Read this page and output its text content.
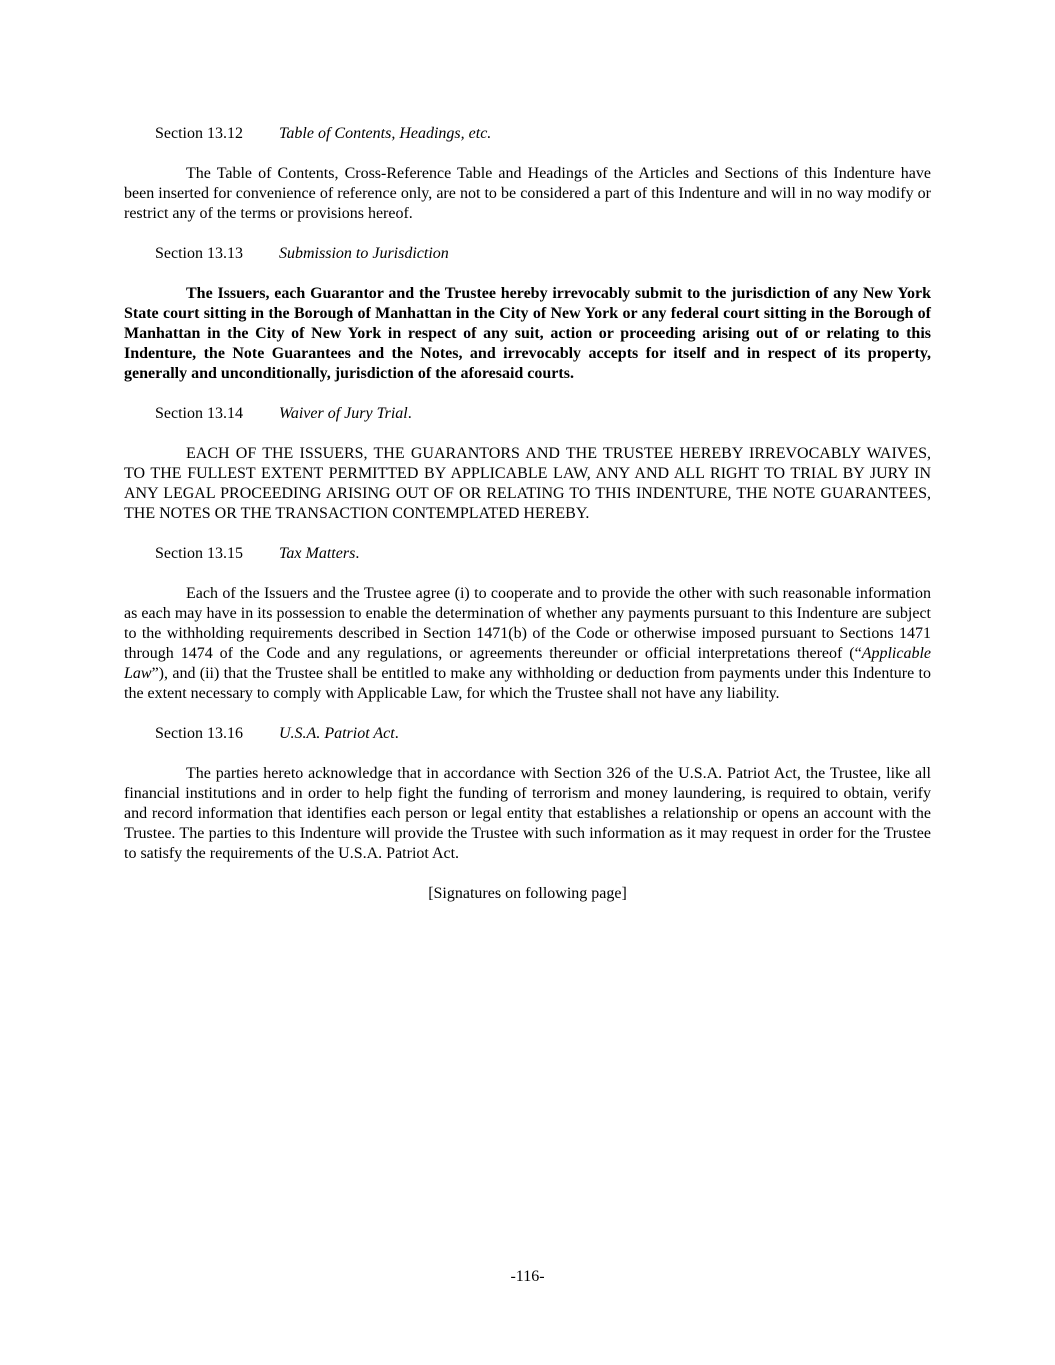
Section 13.12 Table of Contents, Headings, etc.

The Table of Contents, Cross-Reference Table and Headings of the Articles and Sections of this Indenture have been inserted for convenience of reference only, are not to be considered a part of this Indenture and will in no way modify or restrict any of the terms or provisions hereof.

Section 13.13 Submission to Jurisdiction

The Issuers, each Guarantor and the Trustee hereby irrevocably submit to the jurisdiction of any New York State court sitting in the Borough of Manhattan in the City of New York or any federal court sitting in the Borough of Manhattan in the City of New York in respect of any suit, action or proceeding arising out of or relating to this Indenture, the Note Guarantees and the Notes, and irrevocably accepts for itself and in respect of its property, generally and unconditionally, jurisdiction of the aforesaid courts.

Section 13.14 Waiver of Jury Trial.

EACH OF THE ISSUERS, THE GUARANTORS AND THE TRUSTEE HEREBY IRREVOCABLY WAIVES, TO THE FULLEST EXTENT PERMITTED BY APPLICABLE LAW, ANY AND ALL RIGHT TO TRIAL BY JURY IN ANY LEGAL PROCEEDING ARISING OUT OF OR RELATING TO THIS INDENTURE, THE NOTE GUARANTEES, THE NOTES OR THE TRANSACTION CONTEMPLATED HEREBY.

Section 13.15 Tax Matters.

Each of the Issuers and the Trustee agree (i) to cooperate and to provide the other with such reasonable information as each may have in its possession to enable the determination of whether any payments pursuant to this Indenture are subject to the withholding requirements described in Section 1471(b) of the Code or otherwise imposed pursuant to Sections 1471 through 1474 of the Code and any regulations, or agreements thereunder or official interpretations thereof (“Applicable Law”), and (ii) that the Trustee shall be entitled to make any withholding or deduction from payments under this Indenture to the extent necessary to comply with Applicable Law, for which the Trustee shall not have any liability.

Section 13.16 U.S.A. Patriot Act.

The parties hereto acknowledge that in accordance with Section 326 of the U.S.A. Patriot Act, the Trustee, like all financial institutions and in order to help fight the funding of terrorism and money laundering, is required to obtain, verify and record information that identifies each person or legal entity that establishes a relationship or opens an account with the Trustee. The parties to this Indenture will provide the Trustee with such information as it may request in order for the Trustee to satisfy the requirements of the U.S.A. Patriot Act.

[Signatures on following page]

-116-
